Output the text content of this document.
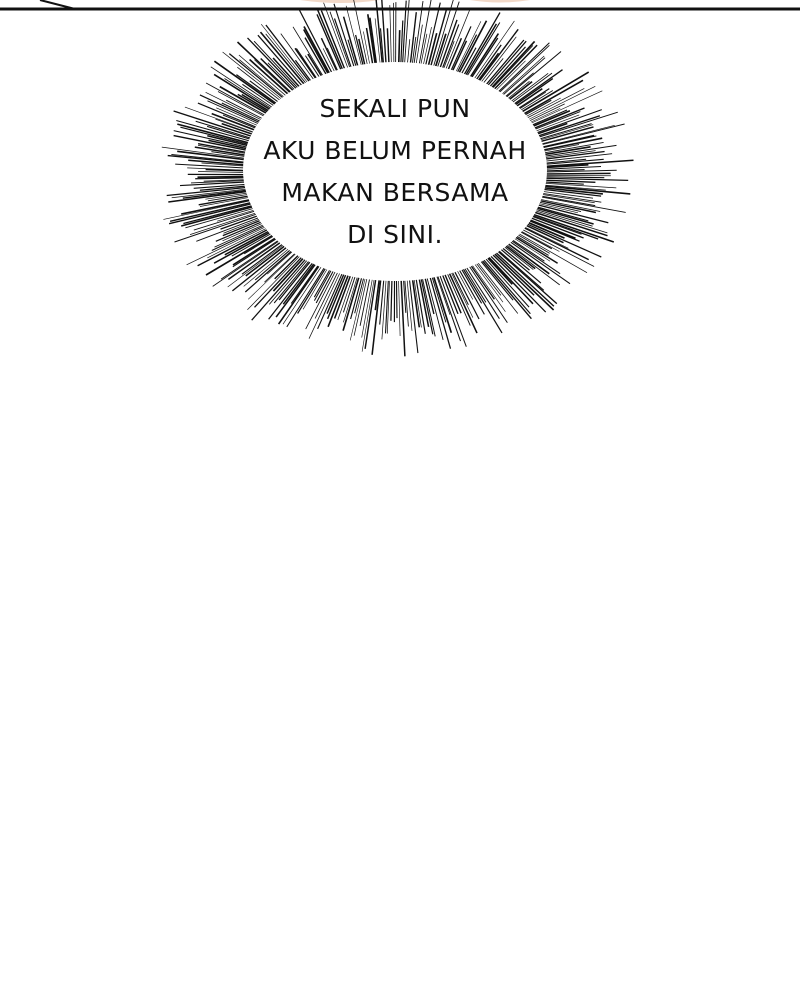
SEKALI PUN
AKU BELUM PERNAH
MAKAN BERSAMA
DI SINI.
